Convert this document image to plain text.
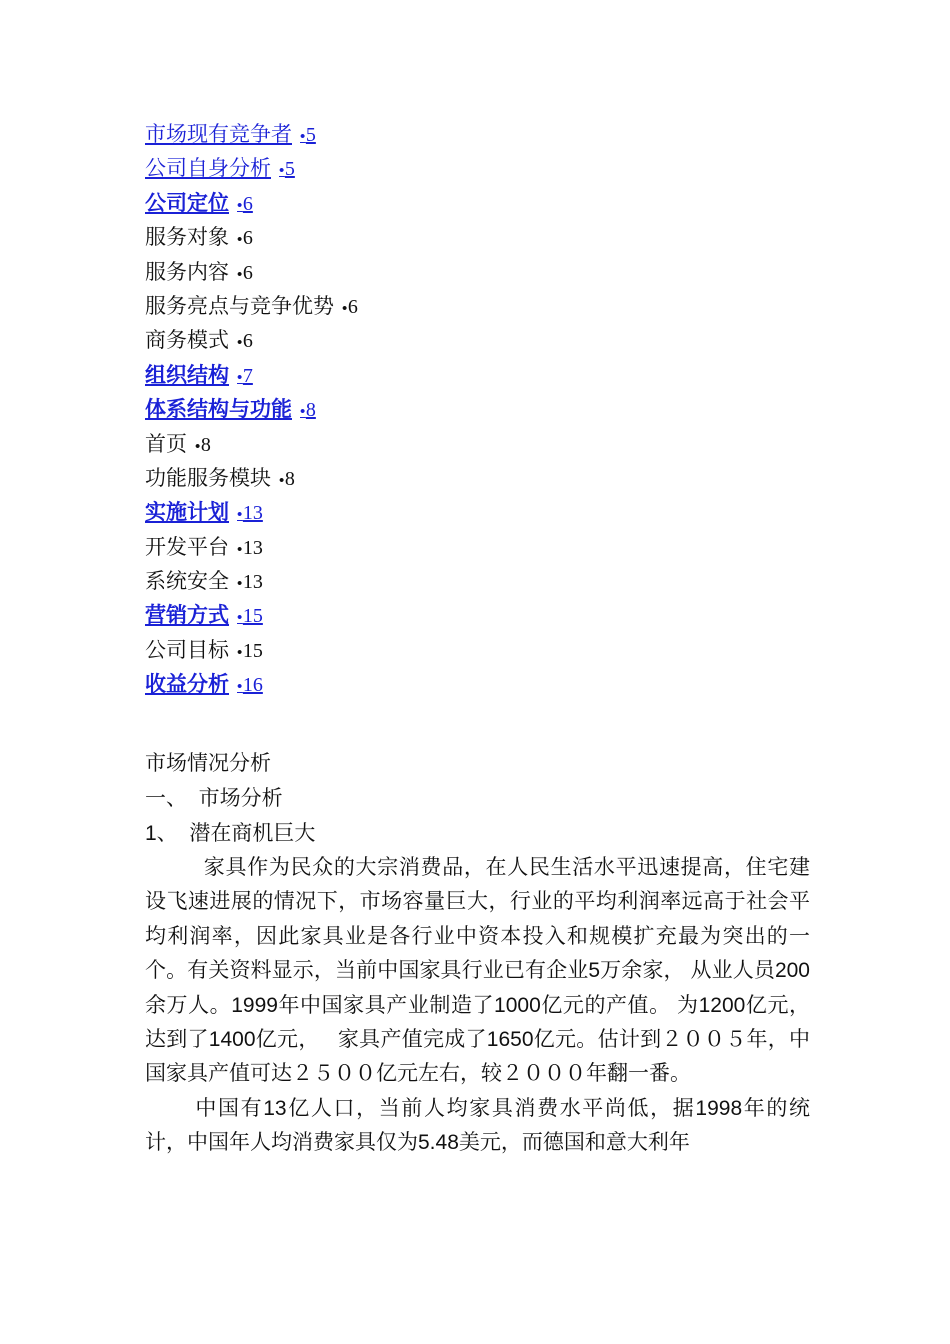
市场现有竞争者 • 5
公司自身分析 • 5
公司定位 • 6
服务对象 • 6
服务内容 • 6
服务亮点与竞争优势 • 6
商务模式 • 6
组织结构 • 7
体系结构与功能 • 8
首页 • 8
功能服务模块 • 8
实施计划 • 13
开发平台 • 13
系统安全 • 13
营销方式 • 15
公司目标 • 15
收益分析 • 16

市场情况分析

一、  市场分析

1、  潜在商机巨大

家具作为民众的大宗消费品，在人民生活水平迅速提高，住宅建设飞速进展的情况下，市场容量巨大，行业的平均利润率远高于社会平均利润率，因此家具业是各行业中资本投入和规模扩充最为突出的一个。有关资料显示，当前中国家具行业已有企业5万余家， 从业人员200余万人。1999年中国家具产业制造了1000亿元的产值。 为1200亿元，   达到了1400亿元，   家具产值完成了1650亿元。估计到２００５年，中国家具产值可达２５００亿元左右，较２０００年翻一番。

中国有13亿人口，当前人均家具消费水平尚低，据1998年的统计，中国年人均消费家具仅为5.48美元，而德国和意大利年
